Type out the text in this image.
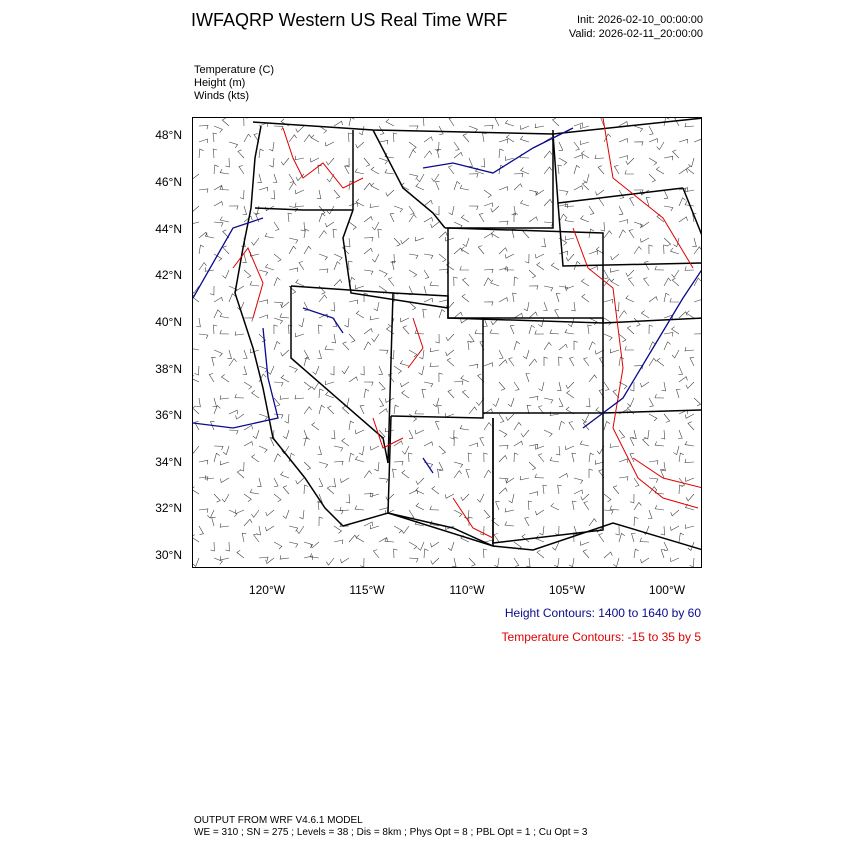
IWFAQRP Western US Real Time WRF	Init: 2026-02-10_00:00:00
Valid: 2026-02-11_20:00:00
Temperature (C)
Height (m)
Winds (kts)
48°N
46°N
44°N
42°N
40°N
38°N
36°N
34°N
32°N
30°N
120°W	115°W	110°W	105°W	100°W
Height Contours: 1400 to 1640 by 60
Temperature Contours: -15 to 35 by 5
OUTPUT FROM WRF V4.6.1 MODEL
WE = 310 ; SN = 275 ; Levels = 38 ; Dis = 8km ; Phys Opt = 8 ; PBL Opt = 1 ; Cu Opt = 3
